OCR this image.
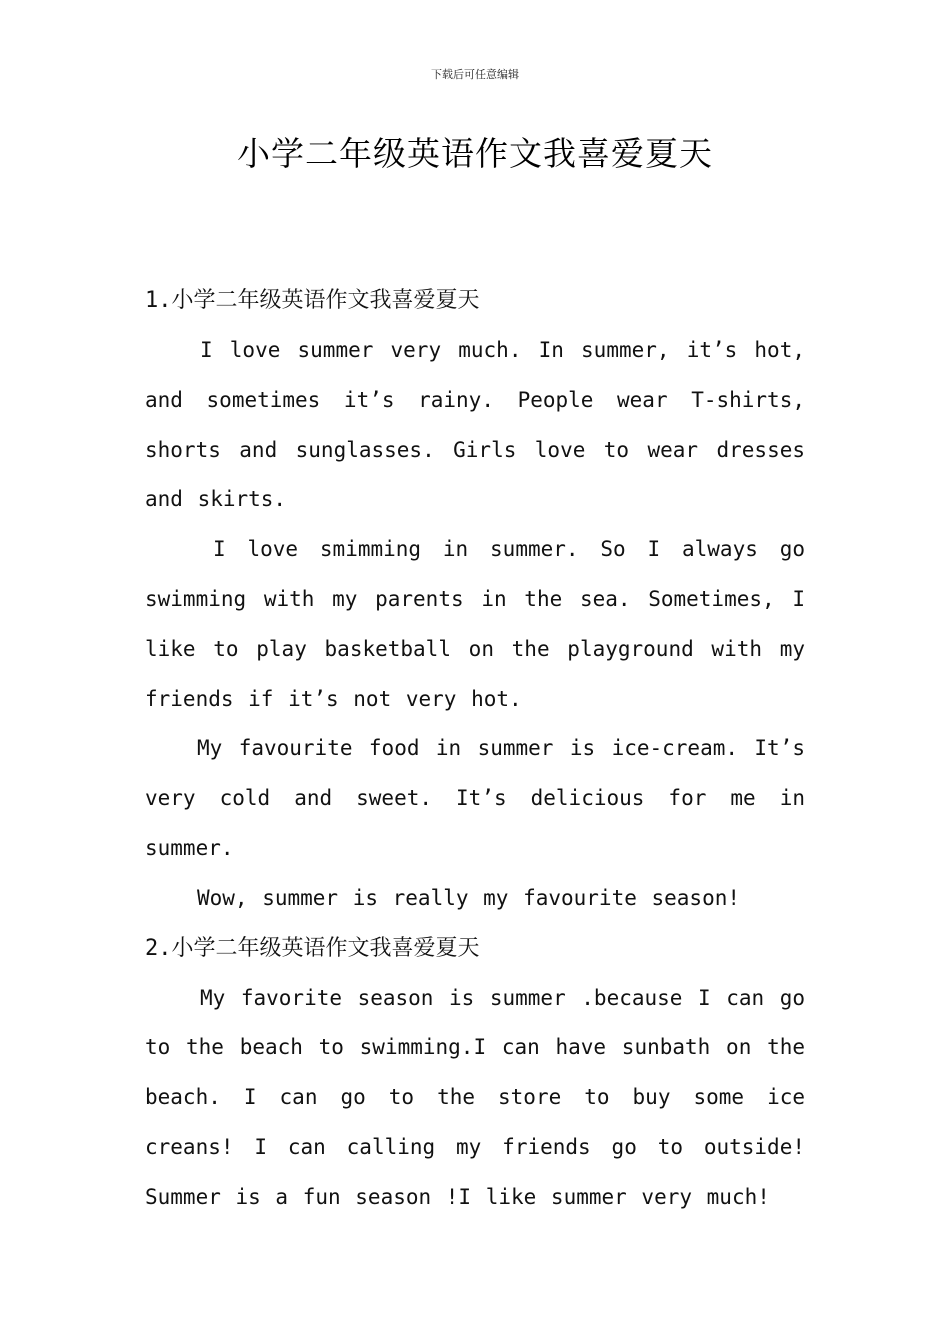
下载后可任意编辑
小学二年级英语作文我喜爱夏天
1.小学二年级英语作文我喜爱夏天

I love summer very much. In summer, it’s hot, and sometimes it’s rainy. People wear T-shirts, shorts and sunglasses. Girls love to wear dresses and skirts.

I love smimming in summer. So I always go swimming with my parents in the sea. Sometimes, I like to play basketball on the playground with my friends if it’s not very hot.

My favourite food in summer is ice-cream. It’s very cold and sweet. It’s delicious for me in summer.

Wow, summer is really my favourite season!

2.小学二年级英语作文我喜爱夏天

My favorite season is summer .because I can go to the beach to swimming.I can have sunbath on the beach. I can go to the store to buy some ice creans! I can calling my friends go to outside! Summer is a fun season !I like summer very much!
